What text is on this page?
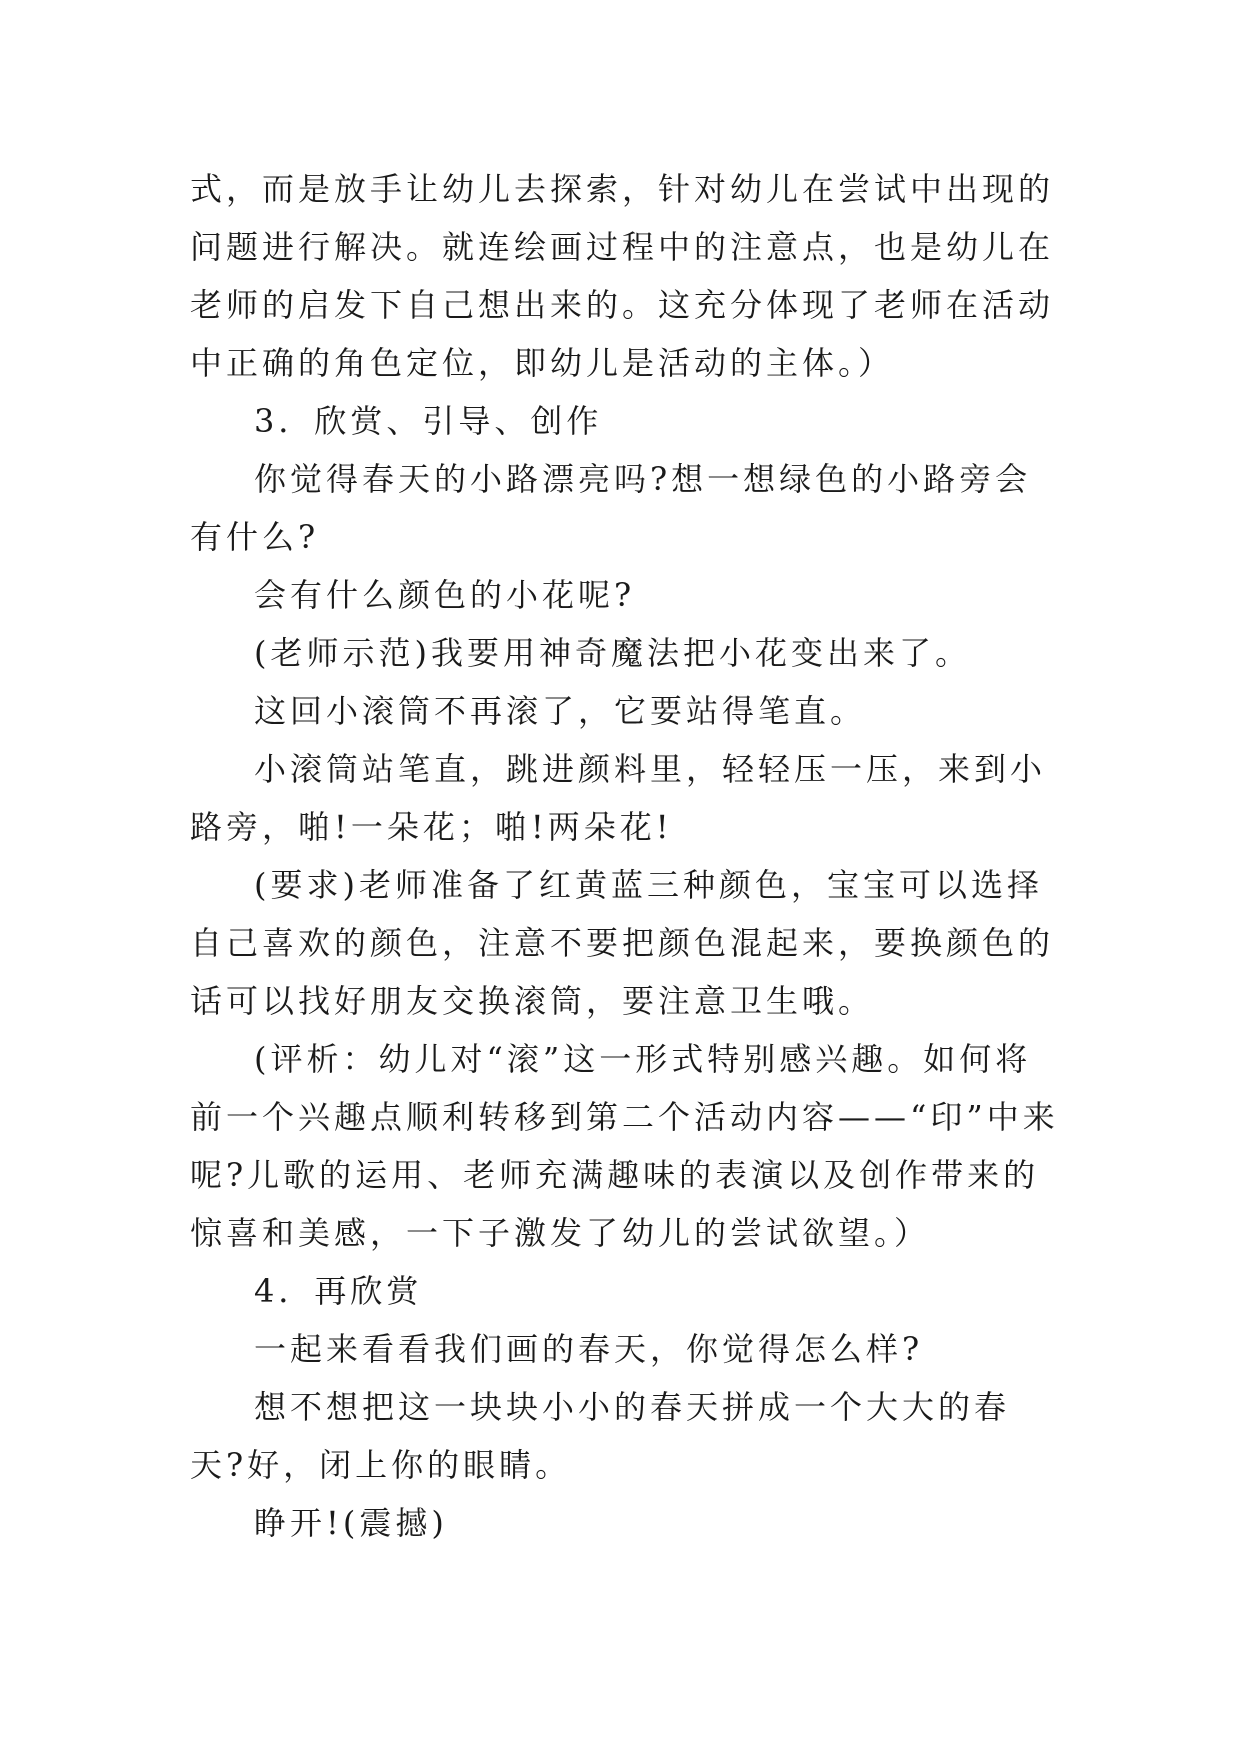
式，而是放手让幼儿去探索，针对幼儿在尝试中出现的问题进行解决。就连绘画过程中的注意点，也是幼儿在老师的启发下自己想出来的。这充分体现了老师在活动中正确的角色定位，即幼儿是活动的主体。）

3．欣赏、引导、创作

你觉得春天的小路漂亮吗?想一想绿色的小路旁会有什么?

会有什么颜色的小花呢?

(老师示范)我要用神奇魔法把小花变出来了。

这回小滚筒不再滚了，它要站得笔直。

小滚筒站笔直，跳进颜料里，轻轻压一压，来到小路旁，啪!一朵花；啪!两朵花!

(要求)老师准备了红黄蓝三种颜色，宝宝可以选择自己喜欢的颜色，注意不要把颜色混起来，要换颜色的话可以找好朋友交换滚筒，要注意卫生哦。

(评析：幼儿对“滚”这一形式特别感兴趣。如何将前一个兴趣点顺利转移到第二个活动内容——“印”中来呢?儿歌的运用、老师充满趣味的表演以及创作带来的惊喜和美感，一下子激发了幼儿的尝试欲望。）

4．再欣赏

一起来看看我们画的春天，你觉得怎么样?

想不想把这一块块小小的春天拼成一个大大的春天?好，闭上你的眼睛。

睁开!(震撼)
